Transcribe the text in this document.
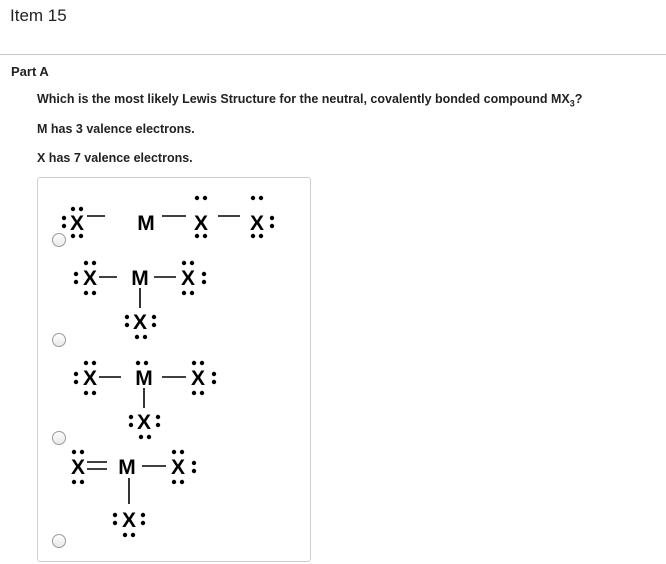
Item 15
Part A
Which is the most likely Lewis Structure for the neutral, covalently bonded compound $MX_3$?
M has 3 valence electrons.
X has 7 valence electrons.
X	M X X
X M X
X
X M X
X
X M X
X
